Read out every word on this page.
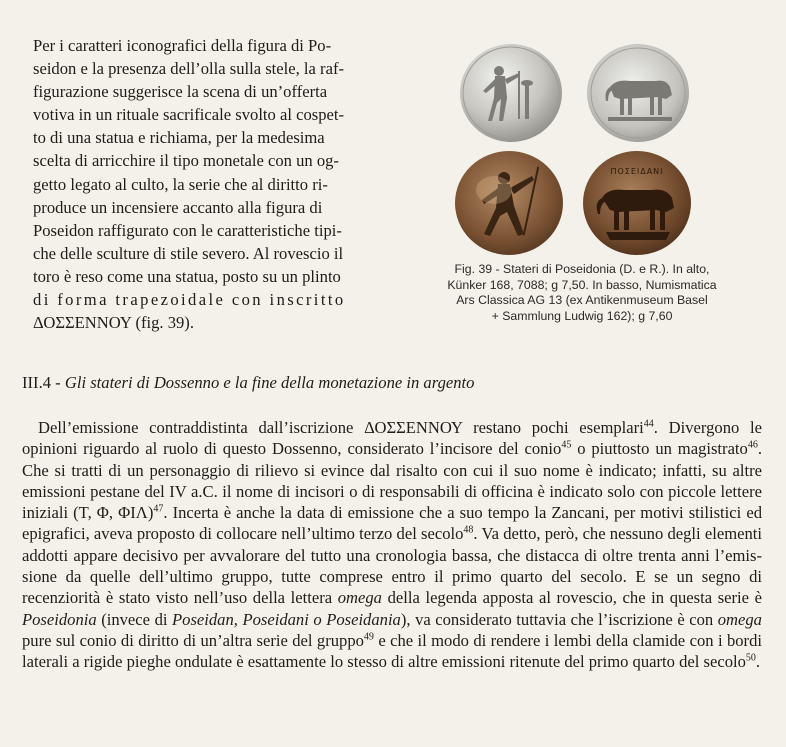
Per i caratteri iconografici della figura di Po-

seidon e la presenza dell’olla sulla stele, la raf-

figurazione suggerisce la scena di un’offerta

votiva in un rituale sacrificale svolto al cospet-

to di una statua e richiama, per la medesima

scelta di arricchire il tipo monetale con un og-

getto legato al culto, la serie che al diritto ri-

produce un incensiere accanto alla figura di

Poseidon raffigurato con le caratteristiche tipi-

che delle sculture di stile severo. Al rovescio il

toro è reso come una statua, posto su un plinto

di forma trapezoidale con inscritto

ΔΟΣΣΕΝΝΟΥ (fig. 39).

ΠΟΣΕΙΔΑΝΙ

Fig. 39 - Stateri di Poseidonia (D. e R.). In alto,

Künker 168, 7088; g 7,50. In basso, Numismatica

Ars Classica AG 13 (ex Antikenmuseum Basel

+ Sammlung Ludwig 162); g 7,60

III.4 - Gli stateri di Dossenno e la fine della monetazione in argento

Dell’emissione contraddistinta dall’iscrizione ΔΟΣΣΕΝΝΟΥ restano pochi esemplari$^{44}$. Divergono le opinioni riguardo al ruolo di questo Dossenno, considerato l’incisore del conio$^{45}$ o piuttosto un magistrato$^{46}$. Che si tratti di un personaggio di rilievo si evince dal risalto con cui il suo nome è indicato; infatti, su altre emissioni pestane del IV a.C. il nome di incisori o di responsabili di officina è indicato solo con piccole lettere iniziali (Τ, Φ, ΦΙΛ)$^{47}$. Incerta è anche la data di emissione che a suo tempo la Zancani, per motivi stilistici ed epigrafici, aveva proposto di collocare nell’ultimo terzo del secolo$^{48}$. Va detto, però, che nessuno degli elementi addotti appare decisivo per avvalorare del tutto una cronologia bassa, che distacca di oltre trenta anni l’emissione da quelle dell’ultimo gruppo, tutte comprese entro il primo quarto del secolo. E se un segno di recenziorità è stato visto nell’uso della lettera omega della legenda apposta al rovescio, che in questa serie è Poseidonia (invece di Poseidan, Poseidani o Poseidania), va considerato tuttavia che l’iscrizione è con omega pure sul conio di diritto di un’altra serie del gruppo$^{49}$ e che il modo di rendere i lembi della clamide con i bordi laterali a rigide pieghe ondulate è esattamente lo stesso di altre emissioni ritenute del primo quarto del secolo$^{50}$.
